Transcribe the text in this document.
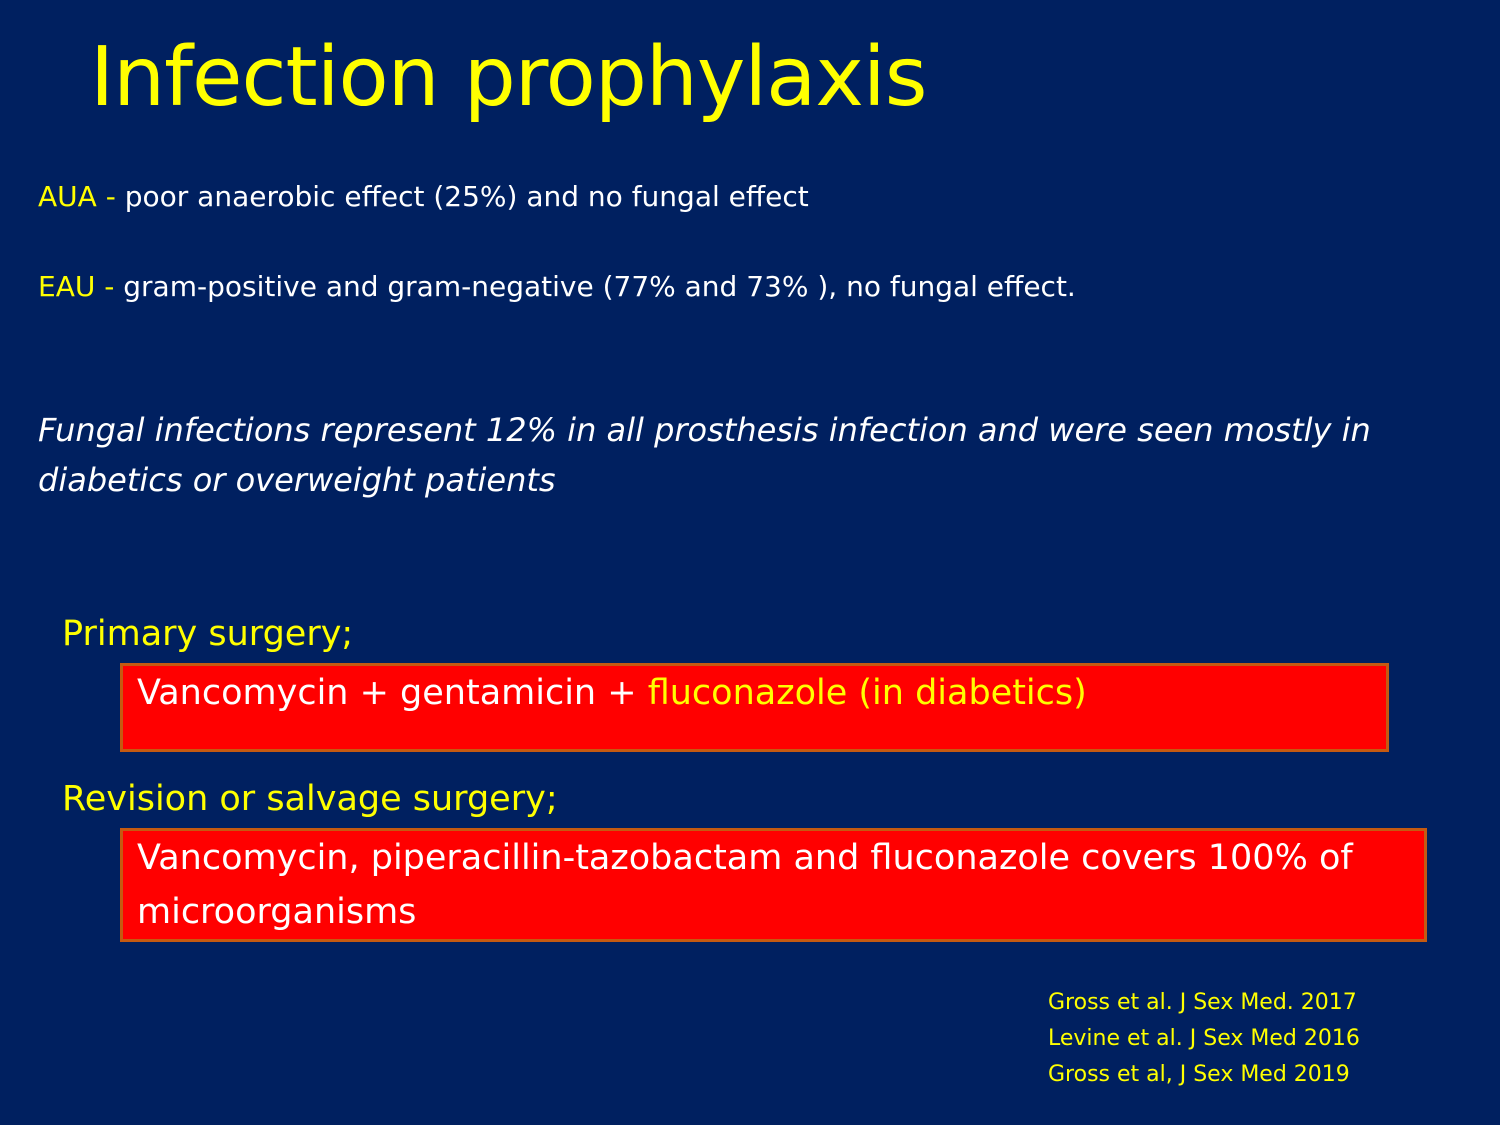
Infection prophylaxis
AUA - poor anaerobic effect (25%) and no fungal effect
EAU - gram-positive and gram-negative (77% and 73% ), no fungal effect.
Fungal infections represent 12% in all prosthesis infection and were seen mostly in diabetics or overweight patients
Primary surgery;
Vancomycin + gentamicin + fluconazole (in diabetics)
Revision or salvage surgery;
Vancomycin, piperacillin-tazobactam and fluconazole covers 100% of microorganisms
Gross et al. J Sex Med. 2017
Levine et al. J Sex Med 2016
Gross et al, J Sex Med 2019
